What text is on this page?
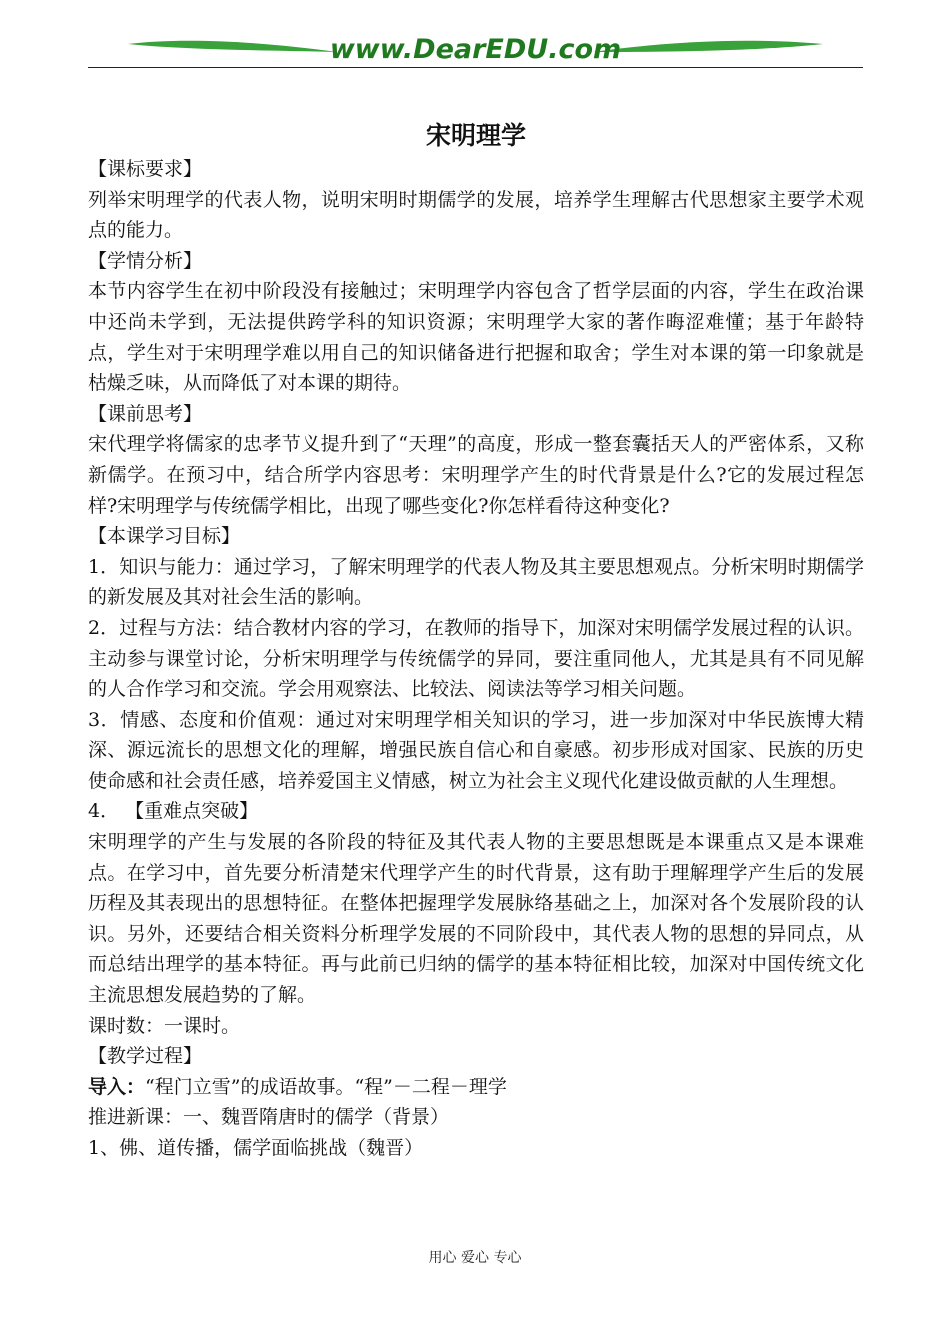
www.DearEDU.com
宋明理学
【课标要求】
列举宋明理学的代表人物，说明宋明时期儒学的发展，培养学生理解古代思想家主要学术观点的能力。
【学情分析】
本节内容学生在初中阶段没有接触过；宋明理学内容包含了哲学层面的内容，学生在政治课中还尚未学到，无法提供跨学科的知识资源；宋明理学大家的著作晦涩难懂；基于年龄特点，学生对于宋明理学难以用自己的知识储备进行把握和取舍；学生对本课的第一印象就是枯燥乏味，从而降低了对本课的期待。
【课前思考】
宋代理学将儒家的忠孝节义提升到了“天理”的高度，形成一整套囊括天人的严密体系，又称新儒学。在预习中，结合所学内容思考：宋明理学产生的时代背景是什么?它的发展过程怎样?宋明理学与传统儒学相比，出现了哪些变化?你怎样看待这种变化?
【本课学习目标】
1．知识与能力：通过学习，了解宋明理学的代表人物及其主要思想观点。分析宋明时期儒学的新发展及其对社会生活的影响。
2．过程与方法：结合教材内容的学习，在教师的指导下，加深对宋明儒学发展过程的认识。主动参与课堂讨论，分析宋明理学与传统儒学的异同，要注重同他人，尤其是具有不同见解的人合作学习和交流。学会用观察法、比较法、阅读法等学习相关问题。
3．情感、态度和价值观：通过对宋明理学相关知识的学习，进一步加深对中华民族博大精深、源远流长的思想文化的理解，增强民族自信心和自豪感。初步形成对国家、民族的历史使命感和社会责任感，培养爱国主义情感，树立为社会主义现代化建设做贡献的人生理想。
4． 【重难点突破】
宋明理学的产生与发展的各阶段的特征及其代表人物的主要思想既是本课重点又是本课难点。在学习中，首先要分析清楚宋代理学产生的时代背景，这有助于理解理学产生后的发展历程及其表现出的思想特征。在整体把握理学发展脉络基础之上，加深对各个发展阶段的认识。另外，还要结合相关资料分析理学发展的不同阶段中，其代表人物的思想的异同点，从而总结出理学的基本特征。再与此前已归纳的儒学的基本特征相比较，加深对中国传统文化主流思想发展趋势的了解。
课时数：一课时。
【教学过程】
导入：“程门立雪”的成语故事。“程”－二程－理学
推进新课：一、魏晋隋唐时的儒学（背景）
1、佛、道传播，儒学面临挑战（魏晋）
用心 爱心 专心
